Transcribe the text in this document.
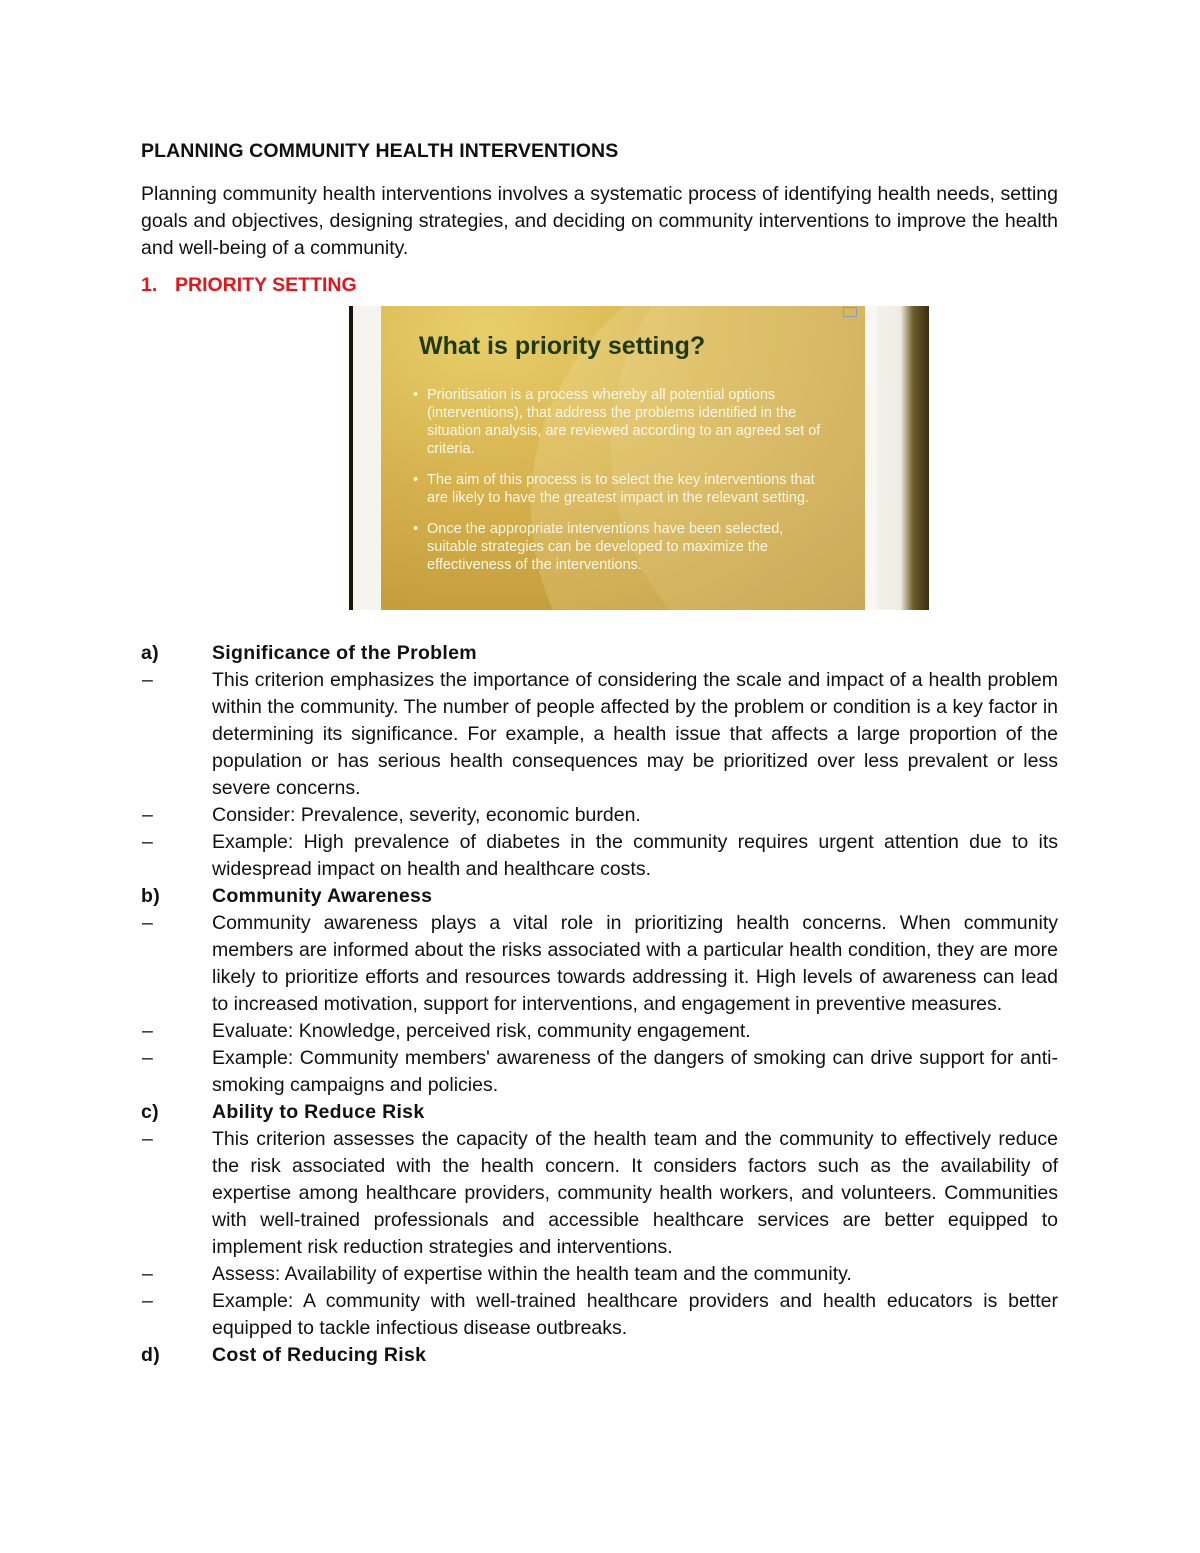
PLANNING COMMUNITY HEALTH INTERVENTIONS

Planning community health interventions involves a systematic process of identifying health needs, setting goals and objectives, designing strategies, and deciding on community interventions to improve the health and well-being of a community.

1. PRIORITY SETTING
What is priority setting?
• Prioritisation is a process whereby all potential options (interventions), that address the problems identified in the situation analysis, are reviewed according to an agreed set of criteria.
• The aim of this process is to select the key interventions that are likely to have the greatest impact in the relevant setting.
• Once the appropriate interventions have been selected, suitable strategies can be developed to maximize the effectiveness of the interventions.
a)	Significance of the Problem
–	This criterion emphasizes the importance of considering the scale and impact of a health problem within the community. The number of people affected by the problem or condition is a key factor in determining its significance. For example, a health issue that affects a large proportion of the population or has serious health consequences may be prioritized over less prevalent or less severe concerns.
–	Consider: Prevalence, severity, economic burden.
–	Example: High prevalence of diabetes in the community requires urgent attention due to its widespread impact on health and healthcare costs.
b)	Community Awareness
–	Community awareness plays a vital role in prioritizing health concerns. When community members are informed about the risks associated with a particular health condition, they are more likely to prioritize efforts and resources towards addressing it. High levels of awareness can lead to increased motivation, support for interventions, and engagement in preventive measures.
–	Evaluate: Knowledge, perceived risk, community engagement.
–	Example: Community members' awareness of the dangers of smoking can drive support for anti-smoking campaigns and policies.
c)	Ability to Reduce Risk
–	This criterion assesses the capacity of the health team and the community to effectively reduce the risk associated with the health concern. It considers factors such as the availability of expertise among healthcare providers, community health workers, and volunteers. Communities with well-trained professionals and accessible healthcare services are better equipped to implement risk reduction strategies and interventions.
–	Assess: Availability of expertise within the health team and the community.
–	Example: A community with well-trained healthcare providers and health educators is better equipped to tackle infectious disease outbreaks.
d)	Cost of Reducing Risk
